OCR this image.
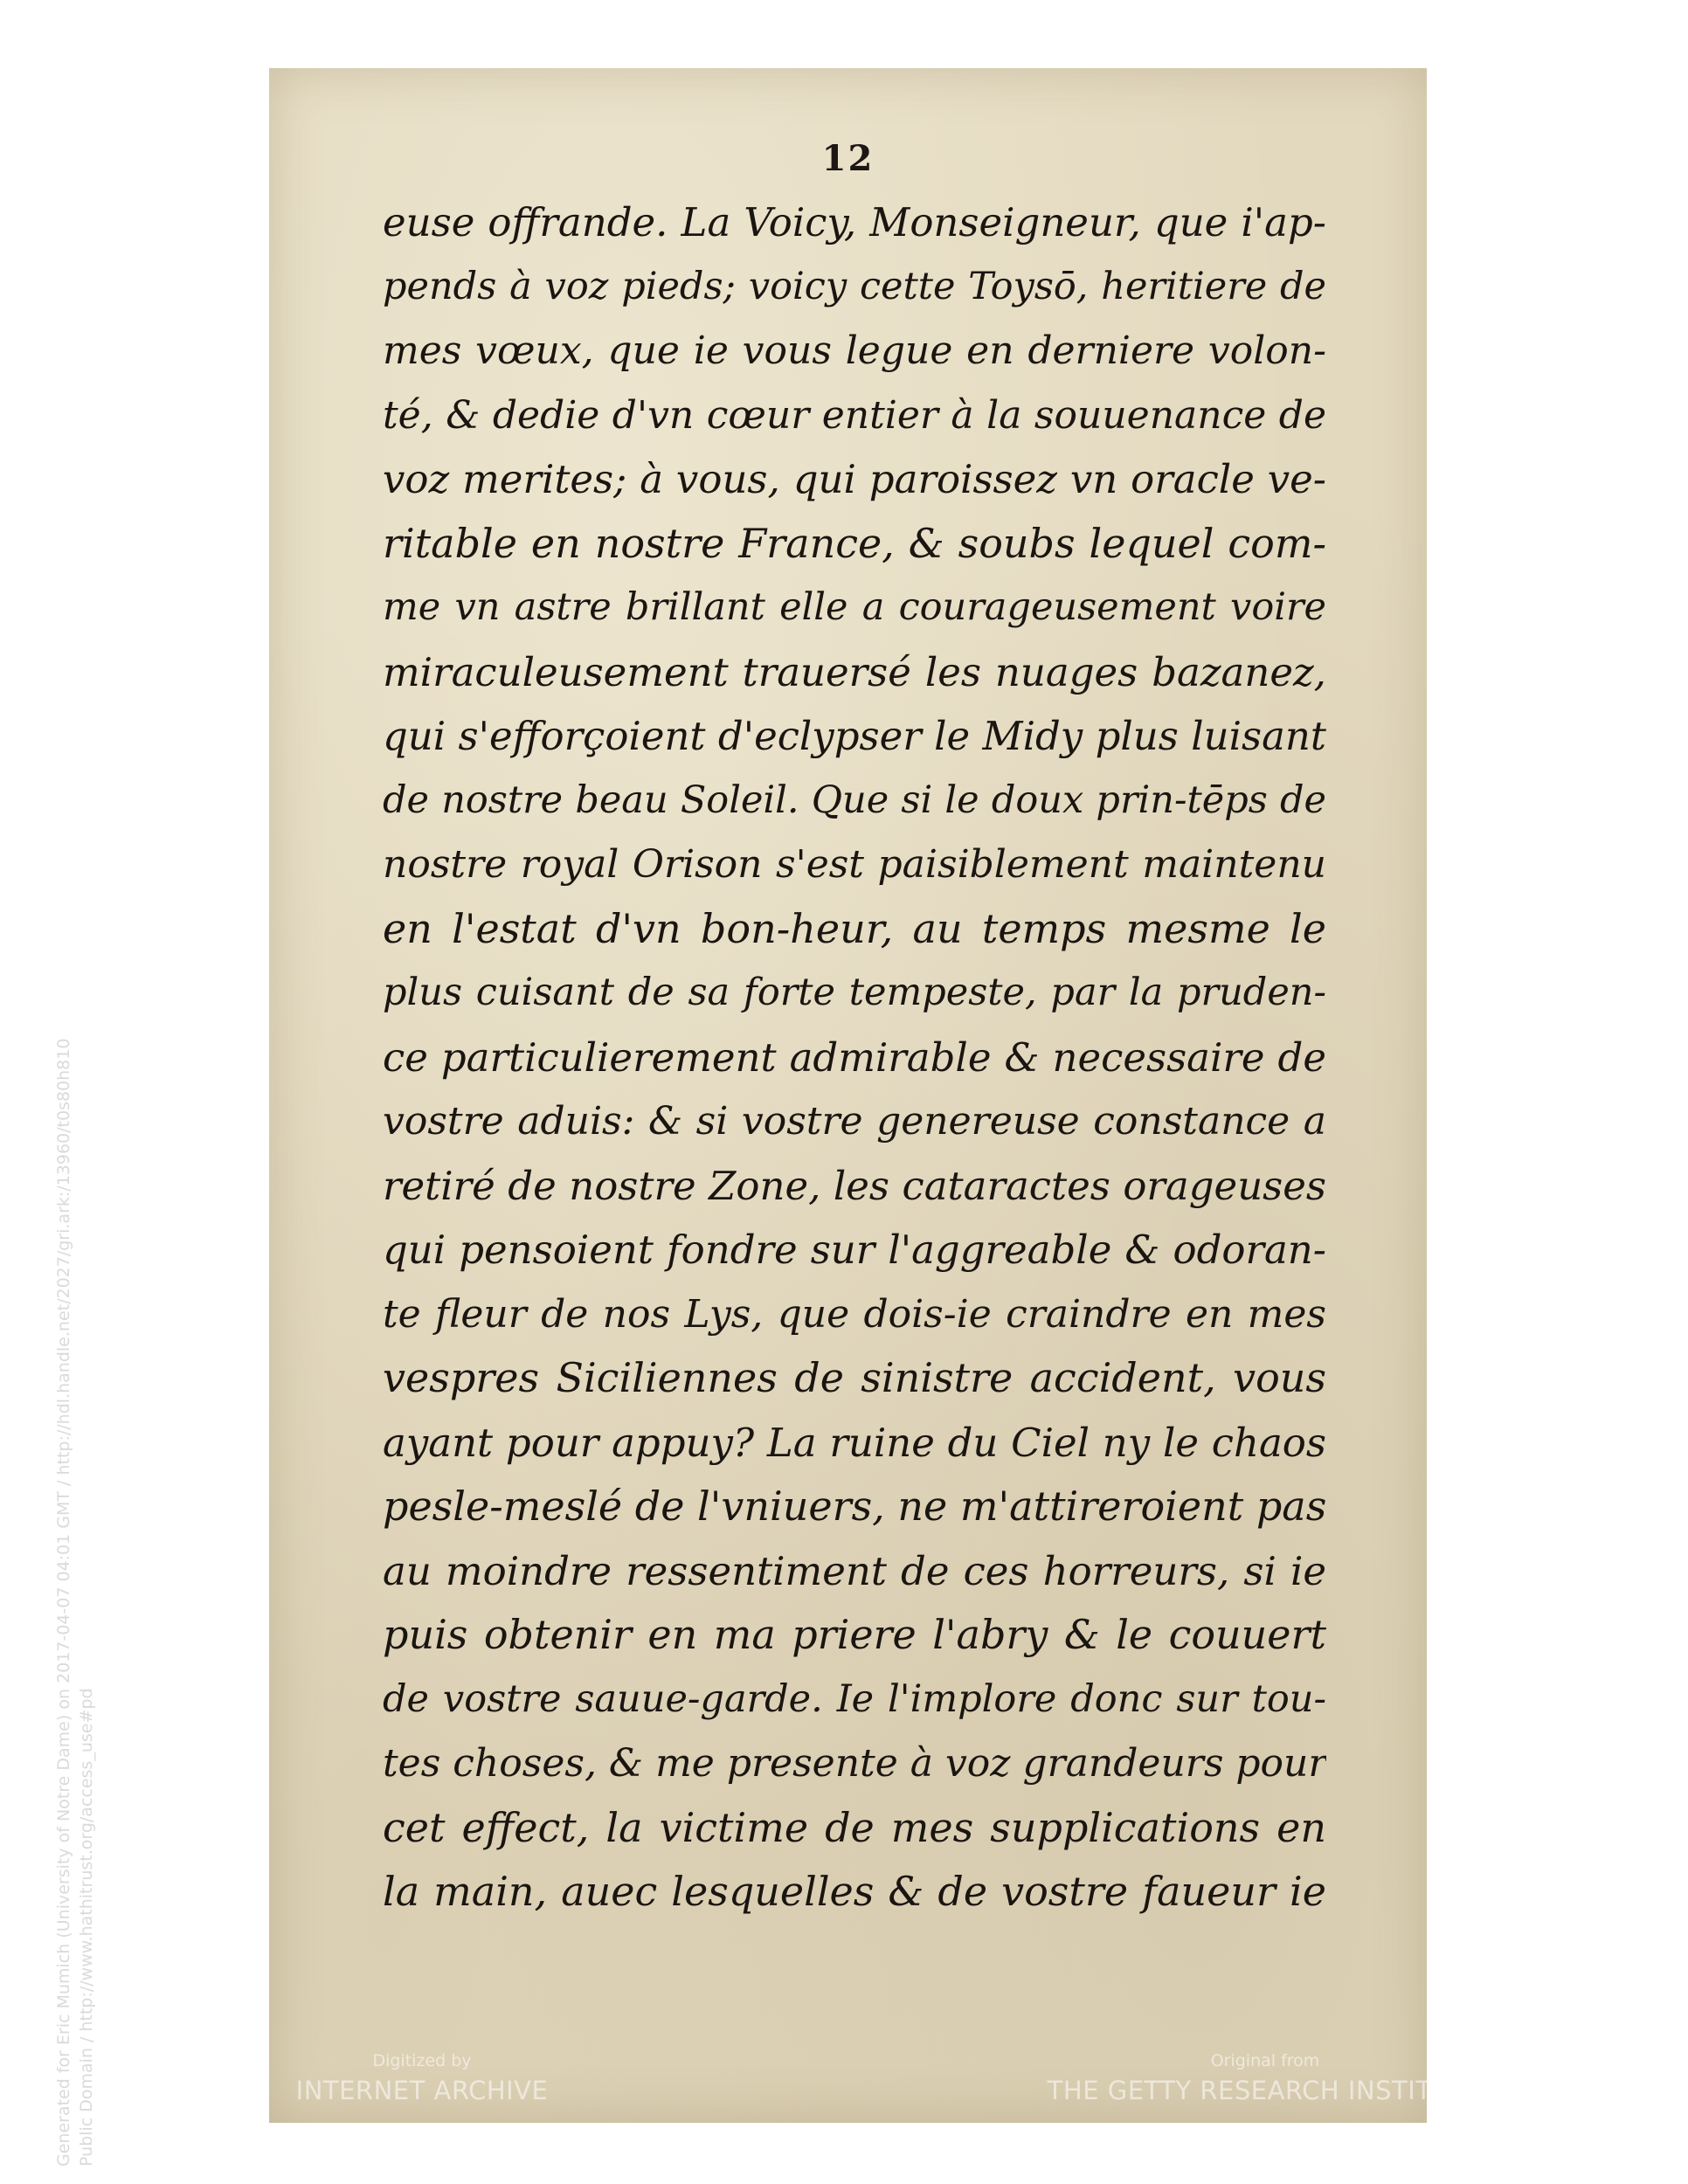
12
euse offrande. La Voicy, Monseigneur, que i'ap-
pends à voz pieds; voicy cette Toysō, heritiere de
mes vœux, que ie vous legue en derniere volon-
té, & dedie d'vn cœur entier à la souuenance de
voz merites; à vous, qui paroissez vn oracle ve-
ritable en nostre France, & soubs lequel com-
me vn astre brillant elle a courageusement voire
miraculeusement trauersé les nuages bazanez,
qui s'efforçoient d'eclypser le Midy plus luisant
de nostre beau Soleil. Que si le doux prin-tēps de
nostre royal Orison s'est paisiblement maintenu
en l'estat d'vn bon-heur, au temps mesme le
plus cuisant de sa forte tempeste, par la pruden-
ce particulierement admirable & necessaire de
vostre aduis: & si vostre genereuse constance a
retiré de nostre Zone, les cataractes orageuses
qui pensoient fondre sur l'aggreable & odoran-
te fleur de nos Lys, que dois-ie craindre en mes
vespres Siciliennes de sinistre accident, vous
ayant pour appuy? La ruine du Ciel ny le chaos
pesle-meslé de l'vniuers, ne m'attireroient pas
au moindre ressentiment de ces horreurs, si ie
puis obtenir en ma priere l'abry & le couuert
de vostre sauue-garde. Ie l'implore donc sur tou-
tes choses, & me presente à voz grandeurs pour
cet effect, la victime de mes supplications en
la main, auec lesquelles & de vostre faueur ie
Digitized by
INTERNET ARCHIVE
Original from
THE GETTY RESEARCH INSTITUTE
Generated for Eric Mumich (University of Notre Dame) on 2017-04-07 04:01 GMT / http://hdl.handle.net/2027/gri.ark:/13960/t0s80h810 Public Domain / http://www.hathitrust.org/access_use#pd
